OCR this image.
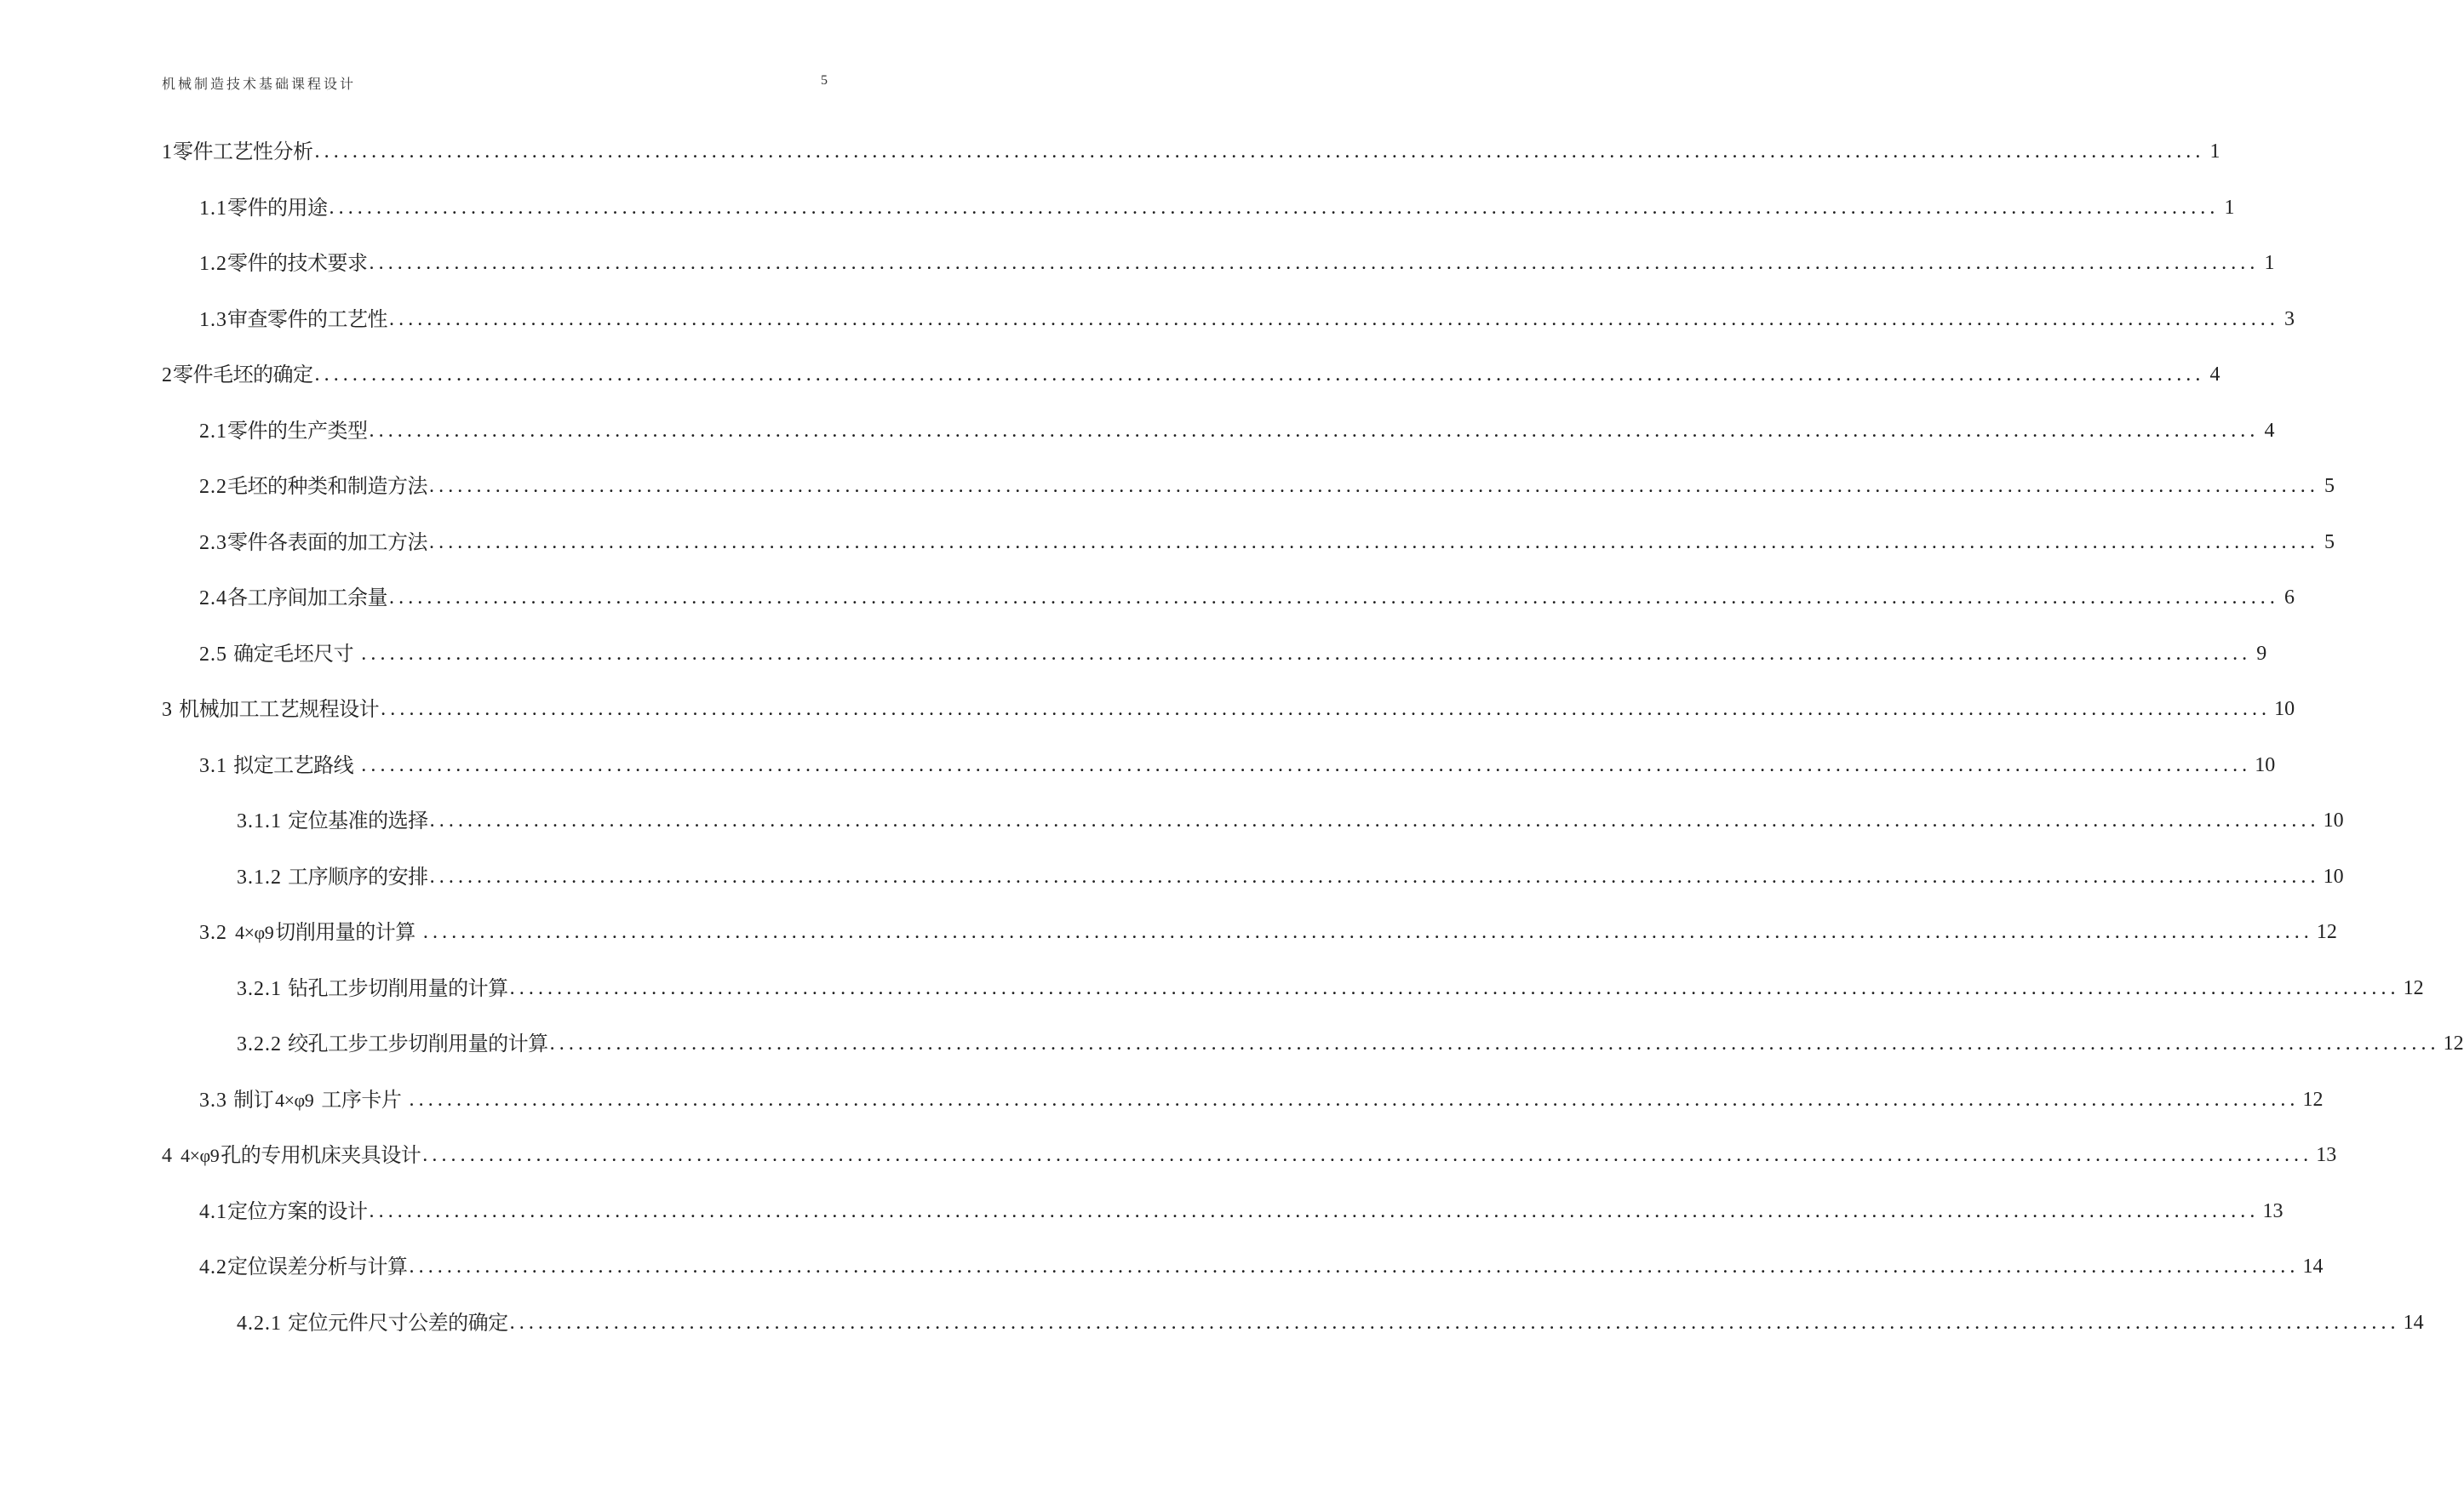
机械制造技术基础课程设计	5
1零件工艺性分析 ........................................................................................................................................................................................................ 1
1.1零件的用途 ........................................................................................................................................................................................................ 1
1.2零件的技术要求 ........................................................................................................................................................................................................ 1
1.3审查零件的工艺性 ........................................................................................................................................................................................................ 3
2零件毛坯的确定 ........................................................................................................................................................................................................ 4
2.1零件的生产类型 ........................................................................................................................................................................................................ 4
2.2毛坯的种类和制造方法 ........................................................................................................................................................................................................ 5
2.3零件各表面的加工方法 ........................................................................................................................................................................................................ 5
2.4各工序间加工余量 ........................................................................................................................................................................................................ 6
2.5 确定毛坯尺寸 ........................................................................................................................................................................................................ 9
3 机械加工工艺规程设计 ........................................................................................................................................................................................................ 10
3.1 拟定工艺路线 ........................................................................................................................................................................................................ 10
3.1.1 定位基准的选择 ........................................................................................................................................................................................................ 10
3.1.2 工序顺序的安排 ........................................................................................................................................................................................................ 10
3.2 4×φ9切削用量的计算 ........................................................................................................................................................................................................ 12
3.2.1 钻孔工步切削用量的计算 ........................................................................................................................................................................................................ 12
3.2.2 绞孔工步工步切削用量的计算 ........................................................................................................................................................................................................ 12
3.3 制订4×φ9 工序卡片 ........................................................................................................................................................................................................ 12
4 4×φ9孔的专用机床夹具设计 ........................................................................................................................................................................................................ 13
4.1定位方案的设计 ........................................................................................................................................................................................................ 13
4.2定位误差分析与计算 ........................................................................................................................................................................................................ 14
4.2.1 定位元件尺寸公差的确定 ........................................................................................................................................................................................................ 14
